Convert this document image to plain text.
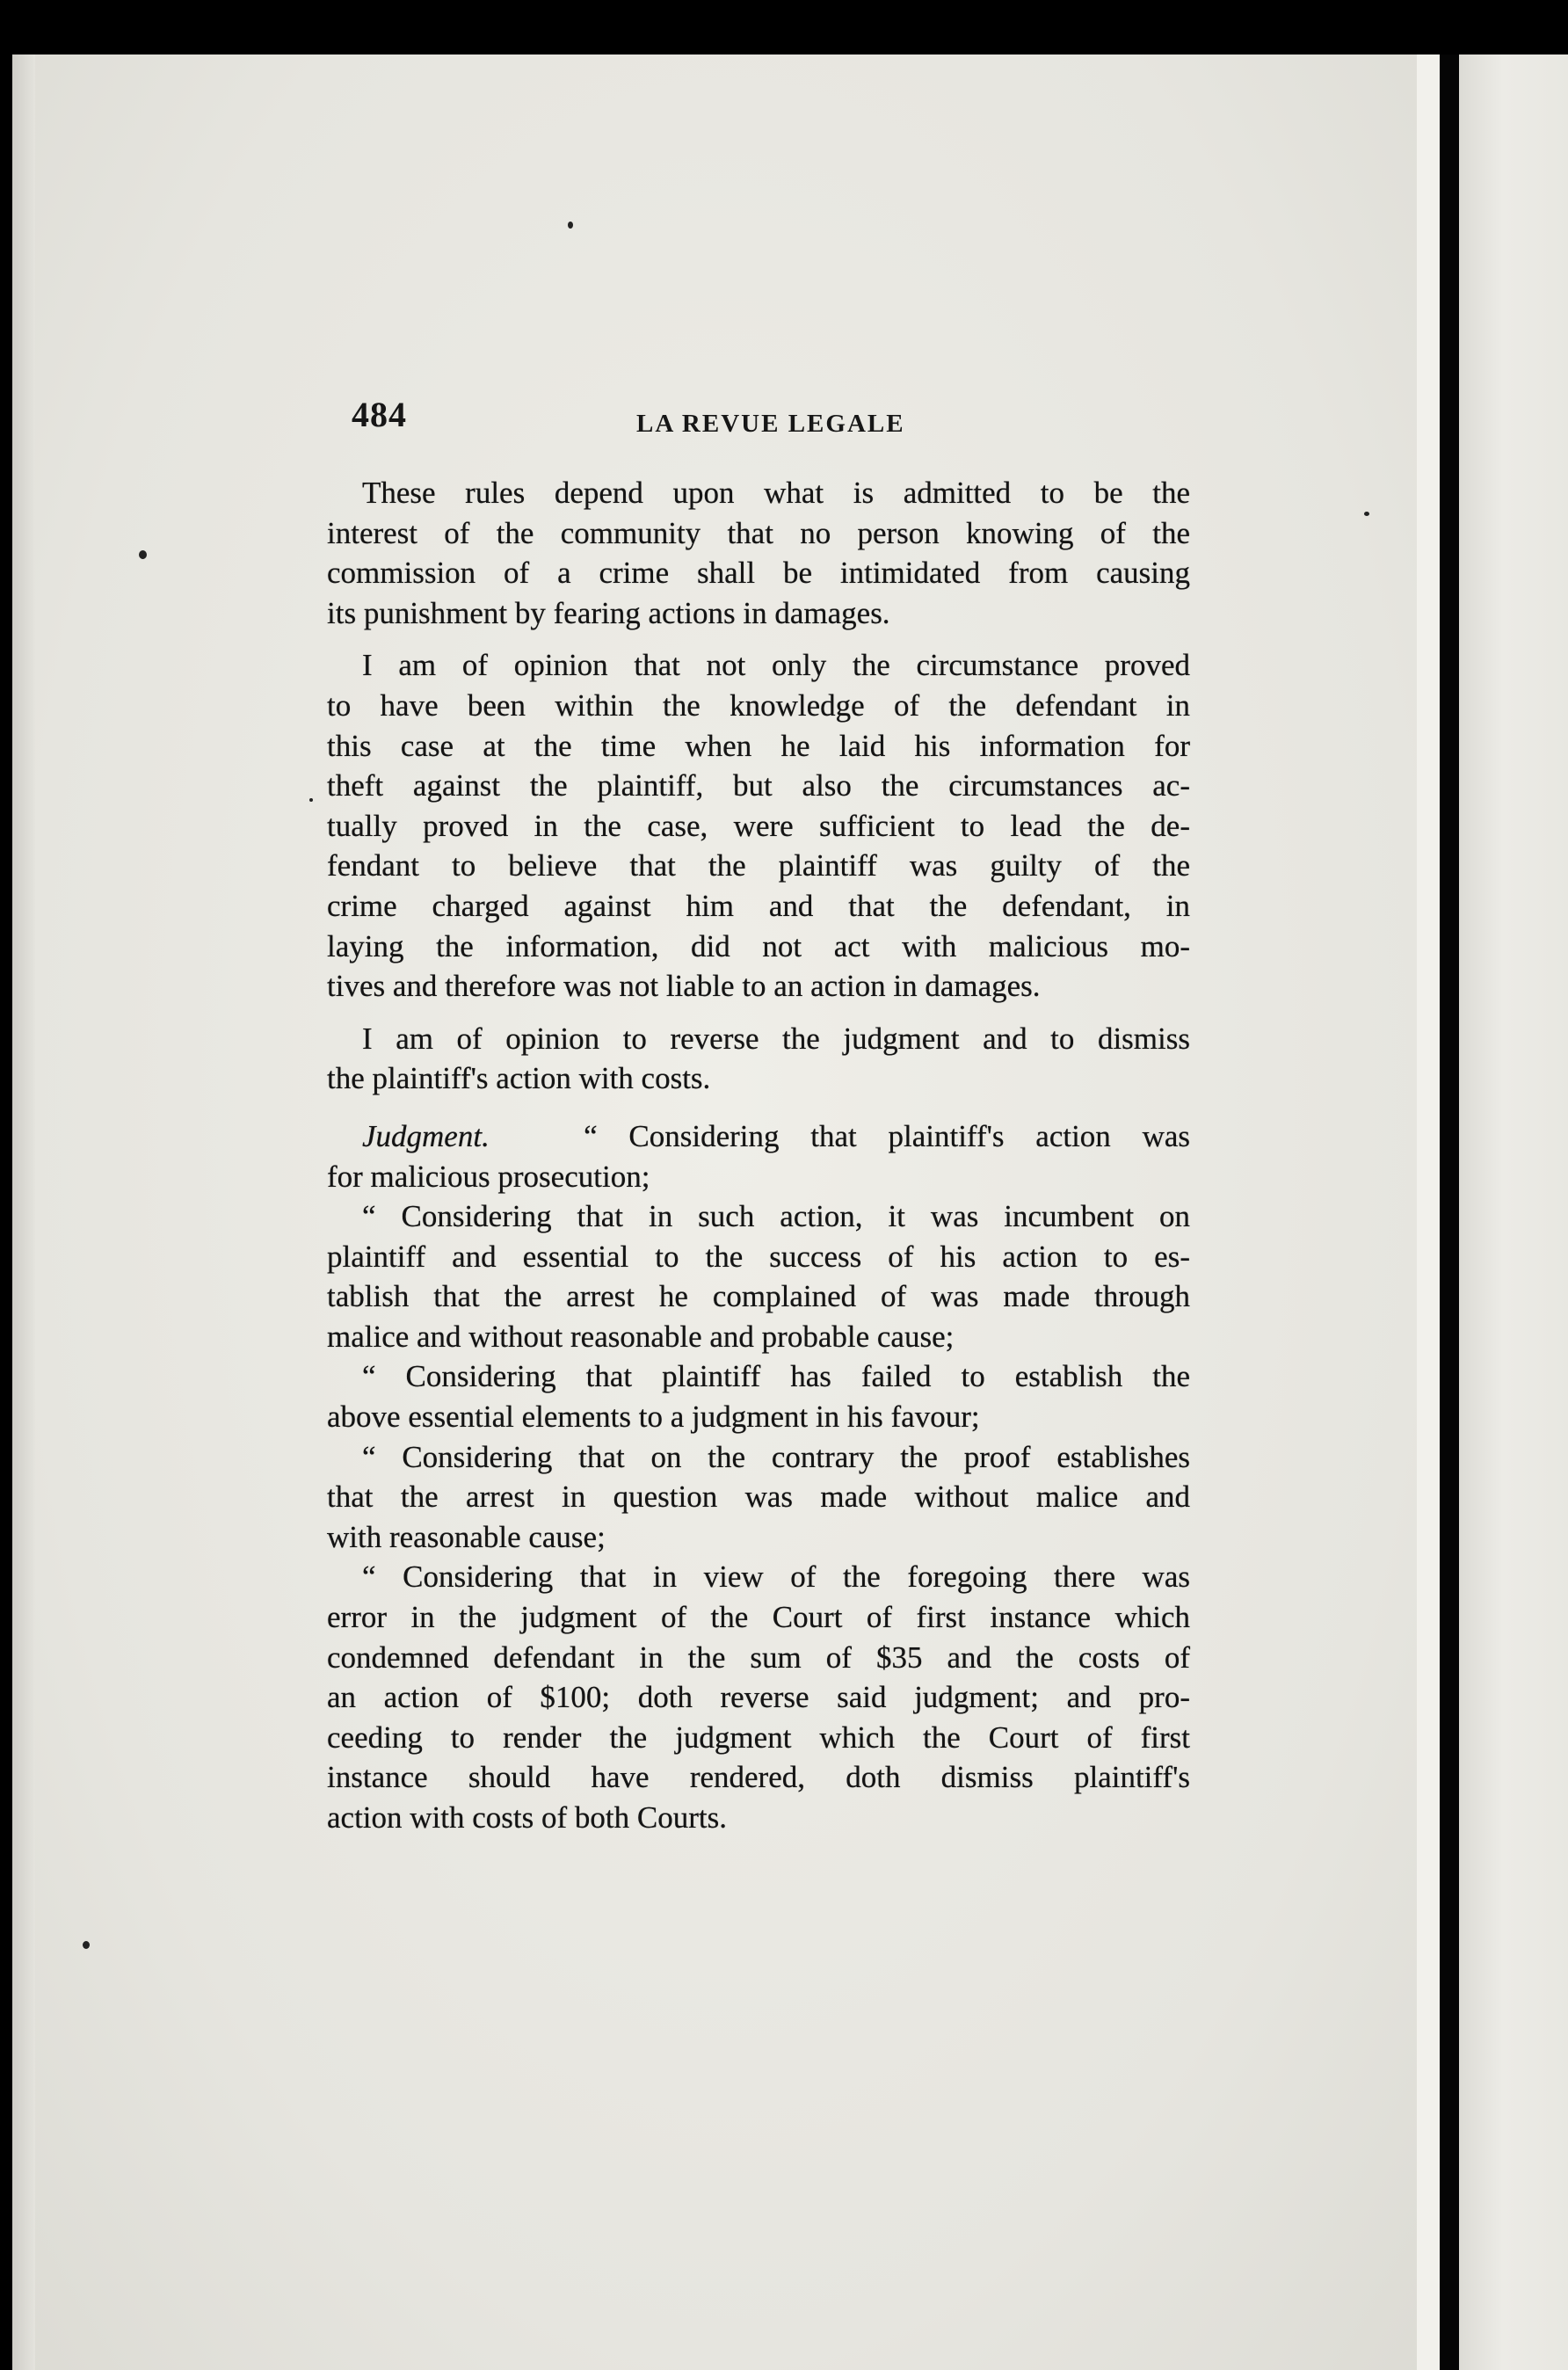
484	LA REVUE LEGALE
These rules depend upon what is admitted to be the
interest of the community that no person knowing of the
commission of a crime shall be intimidated from causing
its punishment by fearing actions in damages.
I am of opinion that not only the circumstance proved
to have been within the knowledge of the defendant in
this case at the time when he laid his information for
theft against the plaintiff, but also the circumstances ac-
tually proved in the case, were sufficient to lead the de-
fendant to believe that the plaintiff was guilty of the
crime charged against him and that the defendant, in
laying the information, did not act with malicious mo-
tives and therefore was not liable to an action in damages.
I am of opinion to reverse the judgment and to dismiss
the plaintiff's action with costs.
Judgment.   “ Considering that plaintiff's action was
for malicious prosecution;
“ Considering that in such action, it was incumbent on
plaintiff and essential to the success of his action to es-
tablish that the arrest he complained of was made through
malice and without reasonable and probable cause;
“ Considering that plaintiff has failed to establish the
above essential elements to a judgment in his favour;
“ Considering that on the contrary the proof establishes
that the arrest in question was made without malice and
with reasonable cause;
“ Considering that in view of the foregoing there was
error in the judgment of the Court of first instance which
condemned defendant in the sum of $35 and the costs of
an action of $100; doth reverse said judgment; and pro-
ceeding to render the judgment which the Court of first
instance should have rendered, doth dismiss plaintiff's
action with costs of both Courts.
